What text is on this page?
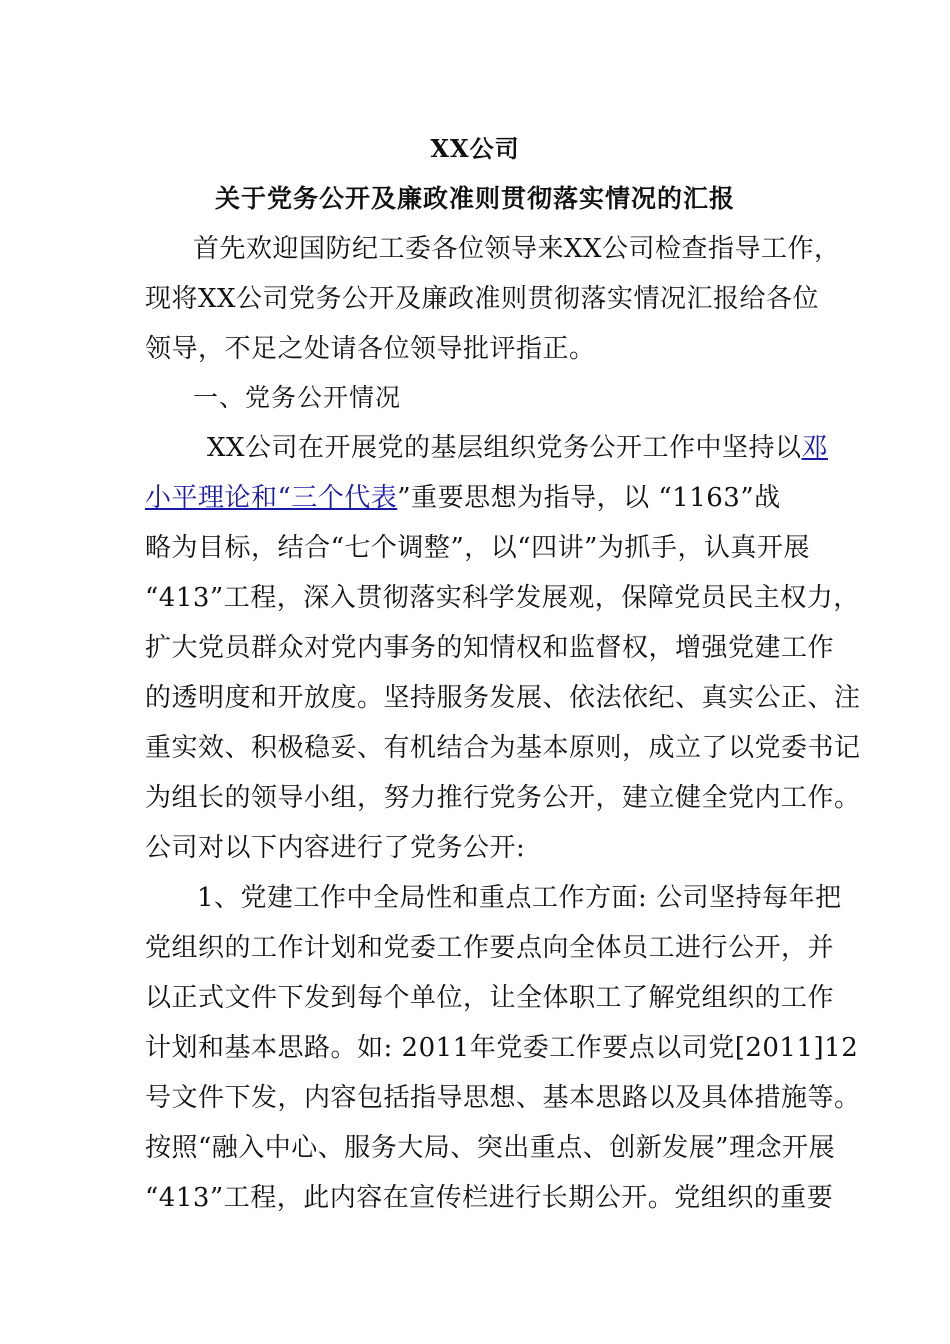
XX公司
关于党务公开及廉政准则贯彻落实情况的汇报
首先欢迎国防纪工委各位领导来XX公司检查指导工作，
现将XX公司党务公开及廉政准则贯彻落实情况汇报给各位
领导，不足之处请各位领导批评指正。
一、党务公开情况
XX公司在开展党的基层组织党务公开工作中坚持以邓
小平理论和“三个代表”重要思想为指导，以 “1163”战
略为目标，结合“七个调整”，以“四讲”为抓手，认真开展
“413”工程，深入贯彻落实科学发展观，保障党员民主权力，
扩大党员群众对党内事务的知情权和监督权，增强党建工作
的透明度和开放度。坚持服务发展、依法依纪、真实公正、注
重实效、积极稳妥、有机结合为基本原则，成立了以党委书记
为组长的领导小组，努力推行党务公开，建立健全党内工作。
公司对以下内容进行了党务公开:
1、党建工作中全局性和重点工作方面: 公司坚持每年把
党组织的工作计划和党委工作要点向全体员工进行公开，并
以正式文件下发到每个单位，让全体职工了解党组织的工作
计划和基本思路。如: 2011年党委工作要点以司党[2011]12
号文件下发，内容包括指导思想、基本思路以及具体措施等。
按照“融入中心、服务大局、突出重点、创新发展”理念开展
“413”工程，此内容在宣传栏进行长期公开。党组织的重要
